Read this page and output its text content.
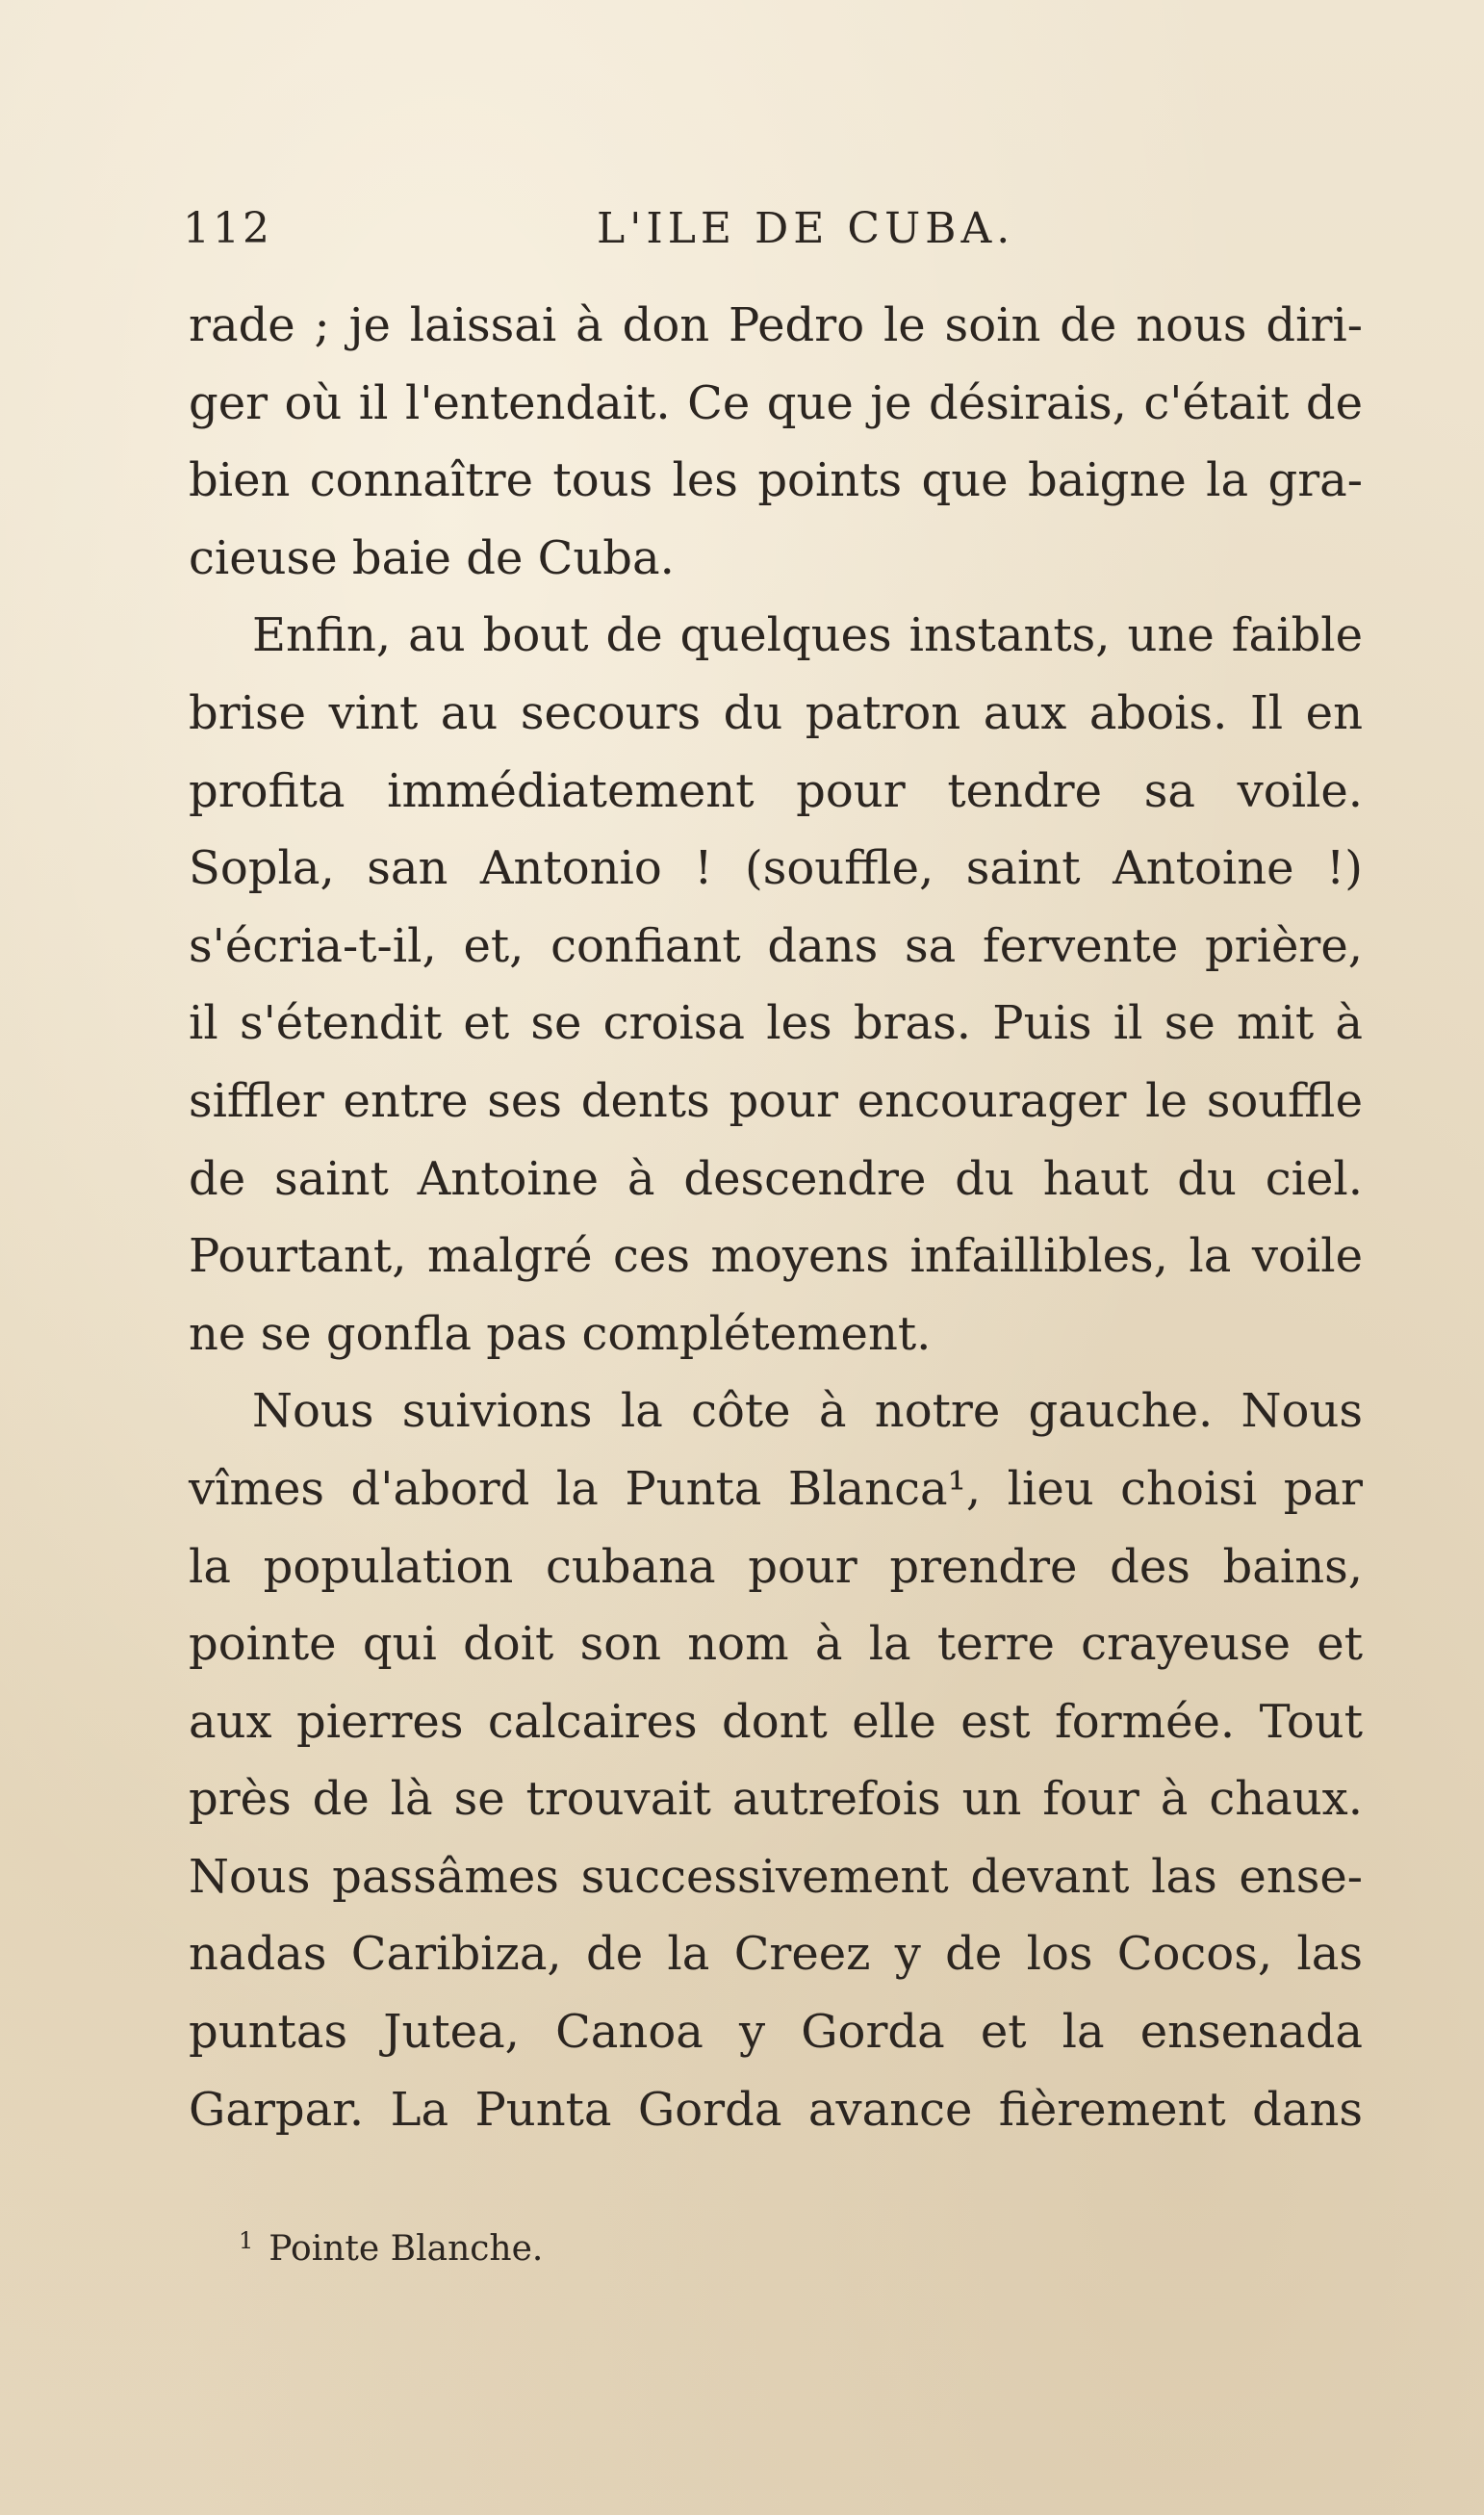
112	L'ILE DE CUBA.
rade ; je laissai à don Pedro le soin de nous diri-
ger où il l'entendait. Ce que je désirais, c'était de
bien connaître tous les points que baigne la gra-
cieuse baie de Cuba.
Enfin, au bout de quelques instants, une faible
brise vint au secours du patron aux abois. Il en
profita immédiatement pour tendre sa voile.
Sopla, san Antonio ! (souffle, saint Antoine !)
s'écria-t-il, et, confiant dans sa fervente prière,
il s'étendit et se croisa les bras. Puis il se mit à
siffler entre ses dents pour encourager le souffle
de saint Antoine à descendre du haut du ciel.
Pourtant, malgré ces moyens infaillibles, la voile
ne se gonfla pas complétement.
Nous suivions la côte à notre gauche. Nous
vîmes d'abord la Punta Blanca¹, lieu choisi par
la population cubana pour prendre des bains,
pointe qui doit son nom à la terre crayeuse et
aux pierres calcaires dont elle est formée. Tout
près de là se trouvait autrefois un four à chaux.
Nous passâmes successivement devant las ense-
nadas Caribiza, de la Creez y de los Cocos, las
puntas Jutea, Canoa y Gorda et la ensenada
Garpar. La Punta Gorda avance fièrement dans
$^1$ Pointe Blanche.
